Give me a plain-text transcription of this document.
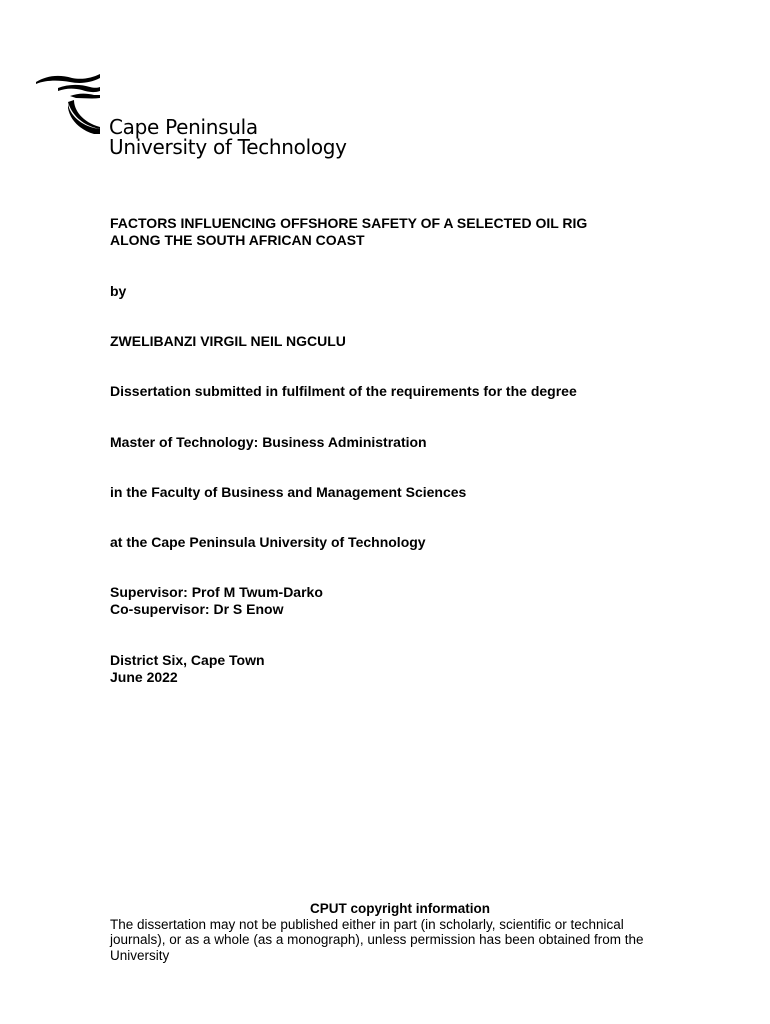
Cape Peninsula
University of Technology
FACTORS INFLUENCING OFFSHORE SAFETY OF A SELECTED OIL RIG
ALONG THE SOUTH AFRICAN COAST
by
ZWELIBANZI VIRGIL NEIL NGCULU
Dissertation submitted in fulfilment of the requirements for the degree
Master of Technology: Business Administration
in the Faculty of Business and Management Sciences
at the Cape Peninsula University of Technology
Supervisor: Prof M Twum-Darko
Co-supervisor: Dr S Enow
District Six, Cape Town
June 2022
CPUT copyright information
The dissertation may not be published either in part (in scholarly, scientific or technical
journals), or as a whole (as a monograph), unless permission has been obtained from the
University
